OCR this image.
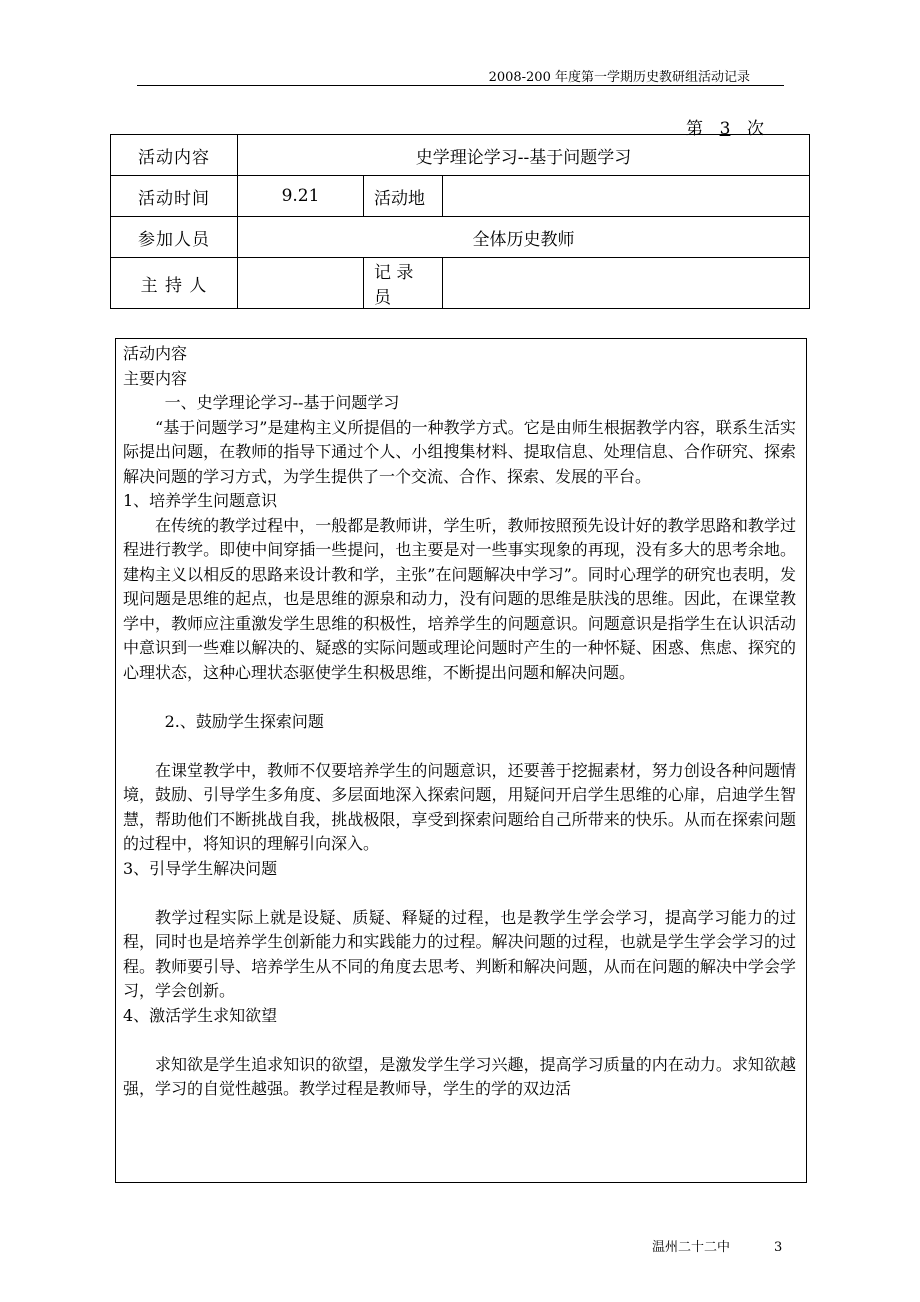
2008-200 年度第一学期历史教研组活动记录
第 3 次
活动内容	史学理论学习--基于问题学习		
活动时间	9.21	活动地	
参加人员	全体历史教师		
主 持 人		记 录 员	

活动内容

主要内容

一、史学理论学习--基于问题学习

“基于问题学习”是建构主义所提倡的一种教学方式。它是由师生根据教学内容，联系生活实际提出问题，在教师的指导下通过个人、小组搜集材料、提取信息、处理信息、合作研究、探索解决问题的学习方式，为学生提供了一个交流、合作、探索、发展的平台。

1、培养学生问题意识

在传统的教学过程中，一般都是教师讲，学生听，教师按照预先设计好的教学思路和教学过程进行教学。即使中间穿插一些提问，也主要是对一些事实现象的再现，没有多大的思考余地。建构主义以相反的思路来设计教和学，主张”在问题解决中学习”。同时心理学的研究也表明，发现问题是思维的起点，也是思维的源泉和动力，没有问题的思维是肤浅的思维。因此，在课堂教学中，教师应注重激发学生思维的积极性，培养学生的问题意识。问题意识是指学生在认识活动中意识到一些难以解决的、疑惑的实际问题或理论问题时产生的一种怀疑、困惑、焦虑、探究的心理状态，这种心理状态驱使学生积极思维，不断提出问题和解决问题。

2.、鼓励学生探索问题

在课堂教学中，教师不仅要培养学生的问题意识，还要善于挖掘素材，努力创设各种问题情境，鼓励、引导学生多角度、多层面地深入探索问题，用疑问开启学生思维的心扉，启迪学生智慧，帮助他们不断挑战自我，挑战极限，享受到探索问题给自己所带来的快乐。从而在探索问题的过程中，将知识的理解引向深入。

3、引导学生解决问题

教学过程实际上就是设疑、质疑、释疑的过程，也是教学生学会学习，提高学习能力的过程，同时也是培养学生创新能力和实践能力的过程。解决问题的过程，也就是学生学会学习的过程。教师要引导、培养学生从不同的角度去思考、判断和解决问题，从而在问题的解决中学会学习，学会创新。

4、激活学生求知欲望

求知欲是学生追求知识的欲望，是激发学生学习兴趣，提高学习质量的内在动力。求知欲越强，学习的自觉性越强。教学过程是教师导，学生的学的双边活

温州二十二中	3
